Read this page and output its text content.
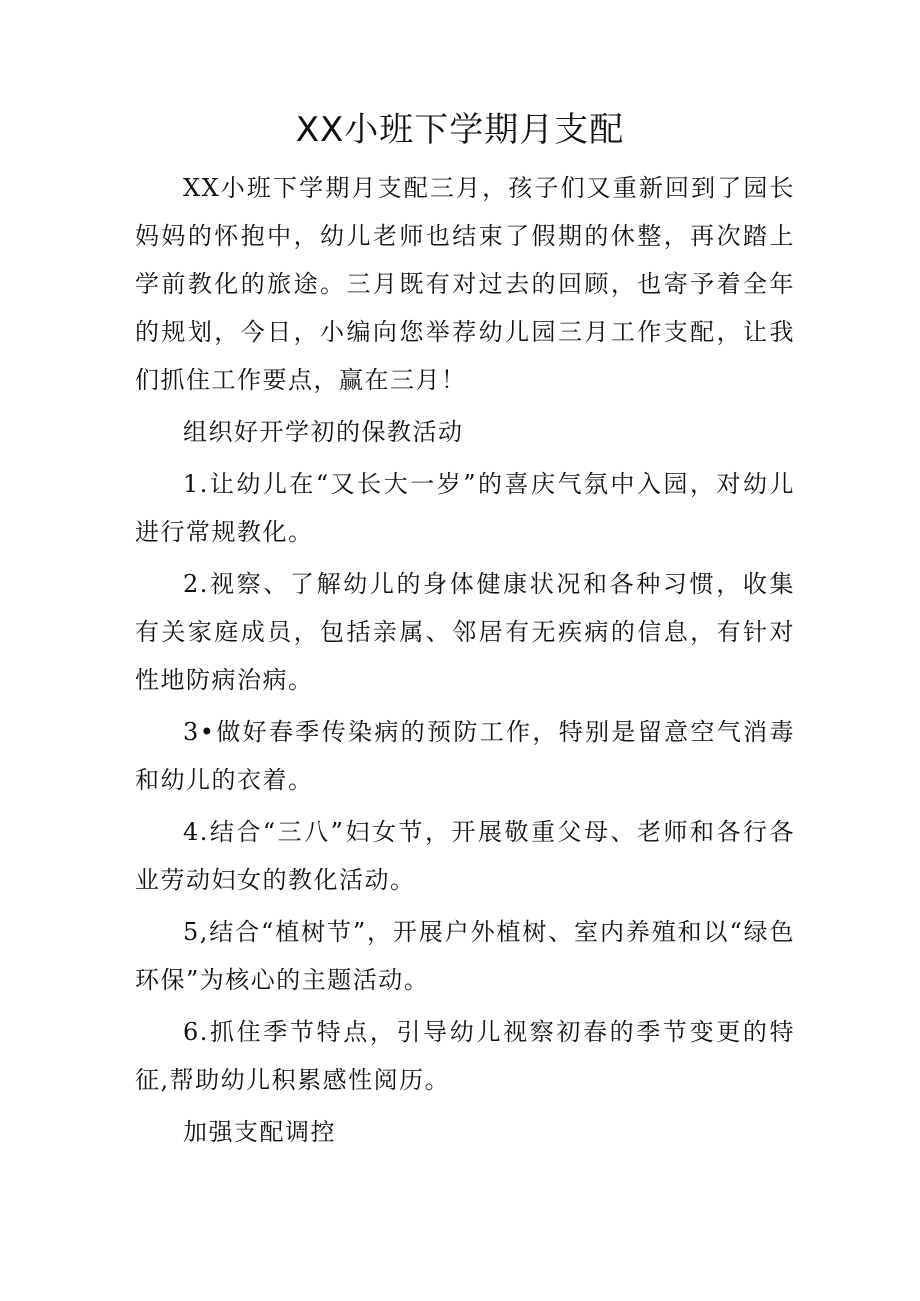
XX小班下学期月支配

XX小班下学期月支配三月，孩子们又重新回到了园长妈妈的怀抱中，幼儿老师也结束了假期的休整，再次踏上学前教化的旅途。三月既有对过去的回顾，也寄予着全年的规划，今日，小编向您举荐幼儿园三月工作支配，让我们抓住工作要点，赢在三月！

组织好开学初的保教活动

1.让幼儿在“又长大一岁”的喜庆气氛中入园，对幼儿进行常规教化。

2.视察、了解幼儿的身体健康状况和各种习惯，收集有关家庭成员，包括亲属、邻居有无疾病的信息，有针对性地防病治病。

3•做好春季传染病的预防工作，特别是留意空气消毒和幼儿的衣着。

4.结合“三八”妇女节，开展敬重父母、老师和各行各业劳动妇女的教化活动。

5,结合“植树节”，开展户外植树、室内养殖和以“绿色环保”为核心的主题活动。

6.抓住季节特点，引导幼儿视察初春的季节变更的特征,帮助幼儿积累感性阅历。

加强支配调控
